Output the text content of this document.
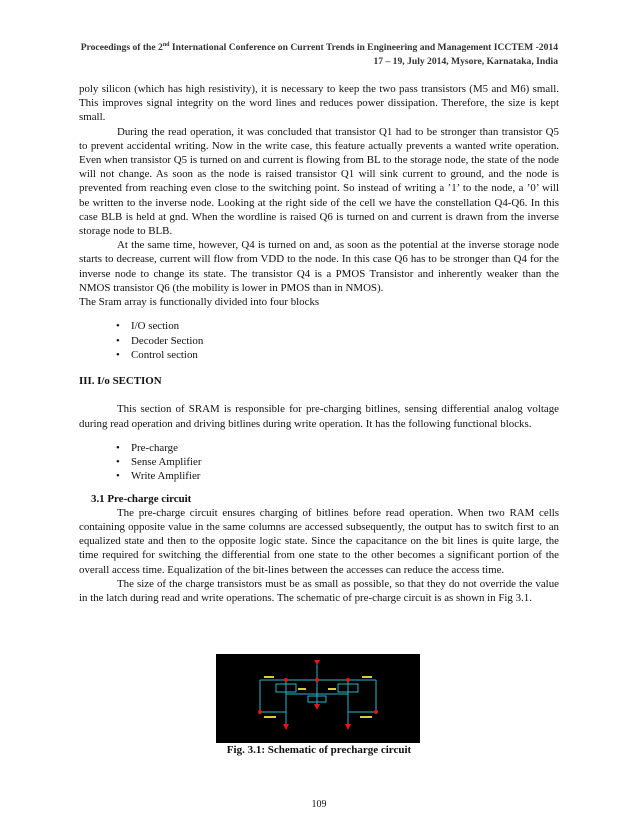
Proceedings of the 2nd International Conference on Current Trends in Engineering and Management ICCTEM -2014
17 – 19, July 2014, Mysore, Karnataka, India

poly silicon (which has high resistivity), it is necessary to keep the two pass transistors (M5 and M6) small. This improves signal integrity on the word lines and reduces power dissipation. Therefore, the size is kept small.

During the read operation, it was concluded that transistor Q1 had to be stronger than transistor Q5 to prevent accidental writing. Now in the write case, this feature actually prevents a wanted write operation. Even when transistor Q5 is turned on and current is flowing from BL to the storage node, the state of the node will not change. As soon as the node is raised transistor Q1 will sink current to ground, and the node is prevented from reaching even close to the switching point. So instead of writing a ’1’ to the node, a ’0’ will be written to the inverse node. Looking at the right side of the cell we have the constellation Q4-Q6. In this case BLB is held at gnd. When the wordline is raised Q6 is turned on and current is drawn from the inverse storage node to BLB.

At the same time, however, Q4 is turned on and, as soon as the potential at the inverse storage node starts to decrease, current will flow from VDD to the node. In this case Q6 has to be stronger than Q4 for the inverse node to change its state. The transistor Q4 is a PMOS Transistor and inherently weaker than the NMOS transistor Q6 (the mobility is lower in PMOS than in NMOS).

The Sram array is functionally divided into four blocks

• I/O section
• Decoder Section
• Control section
III. I/o SECTION

This section of SRAM is responsible for pre-charging bitlines, sensing differential analog voltage during read operation and driving bitlines during write operation. It has the following functional blocks.

• Pre-charge
• Sense Amplifier
• Write Amplifier
3.1 Pre-charge circuit

The pre-charge circuit ensures charging of bitlines before read operation. When two RAM cells containing opposite value in the same columns are accessed subsequently, the output has to switch first to an equalized state and then to the opposite logic state. Since the capacitance on the bit lines is quite large, the time required for switching the differential from one state to the other becomes a significant portion of the overall access time. Equalization of the bit-lines between the accesses can reduce the access time.

The size of the charge transistors must be as small as possible, so that they do not override the value in the latch during read and write operations. The schematic of pre-charge circuit is as shown in Fig 3.1.

Fig. 3.1: Schematic of precharge circuit
109
